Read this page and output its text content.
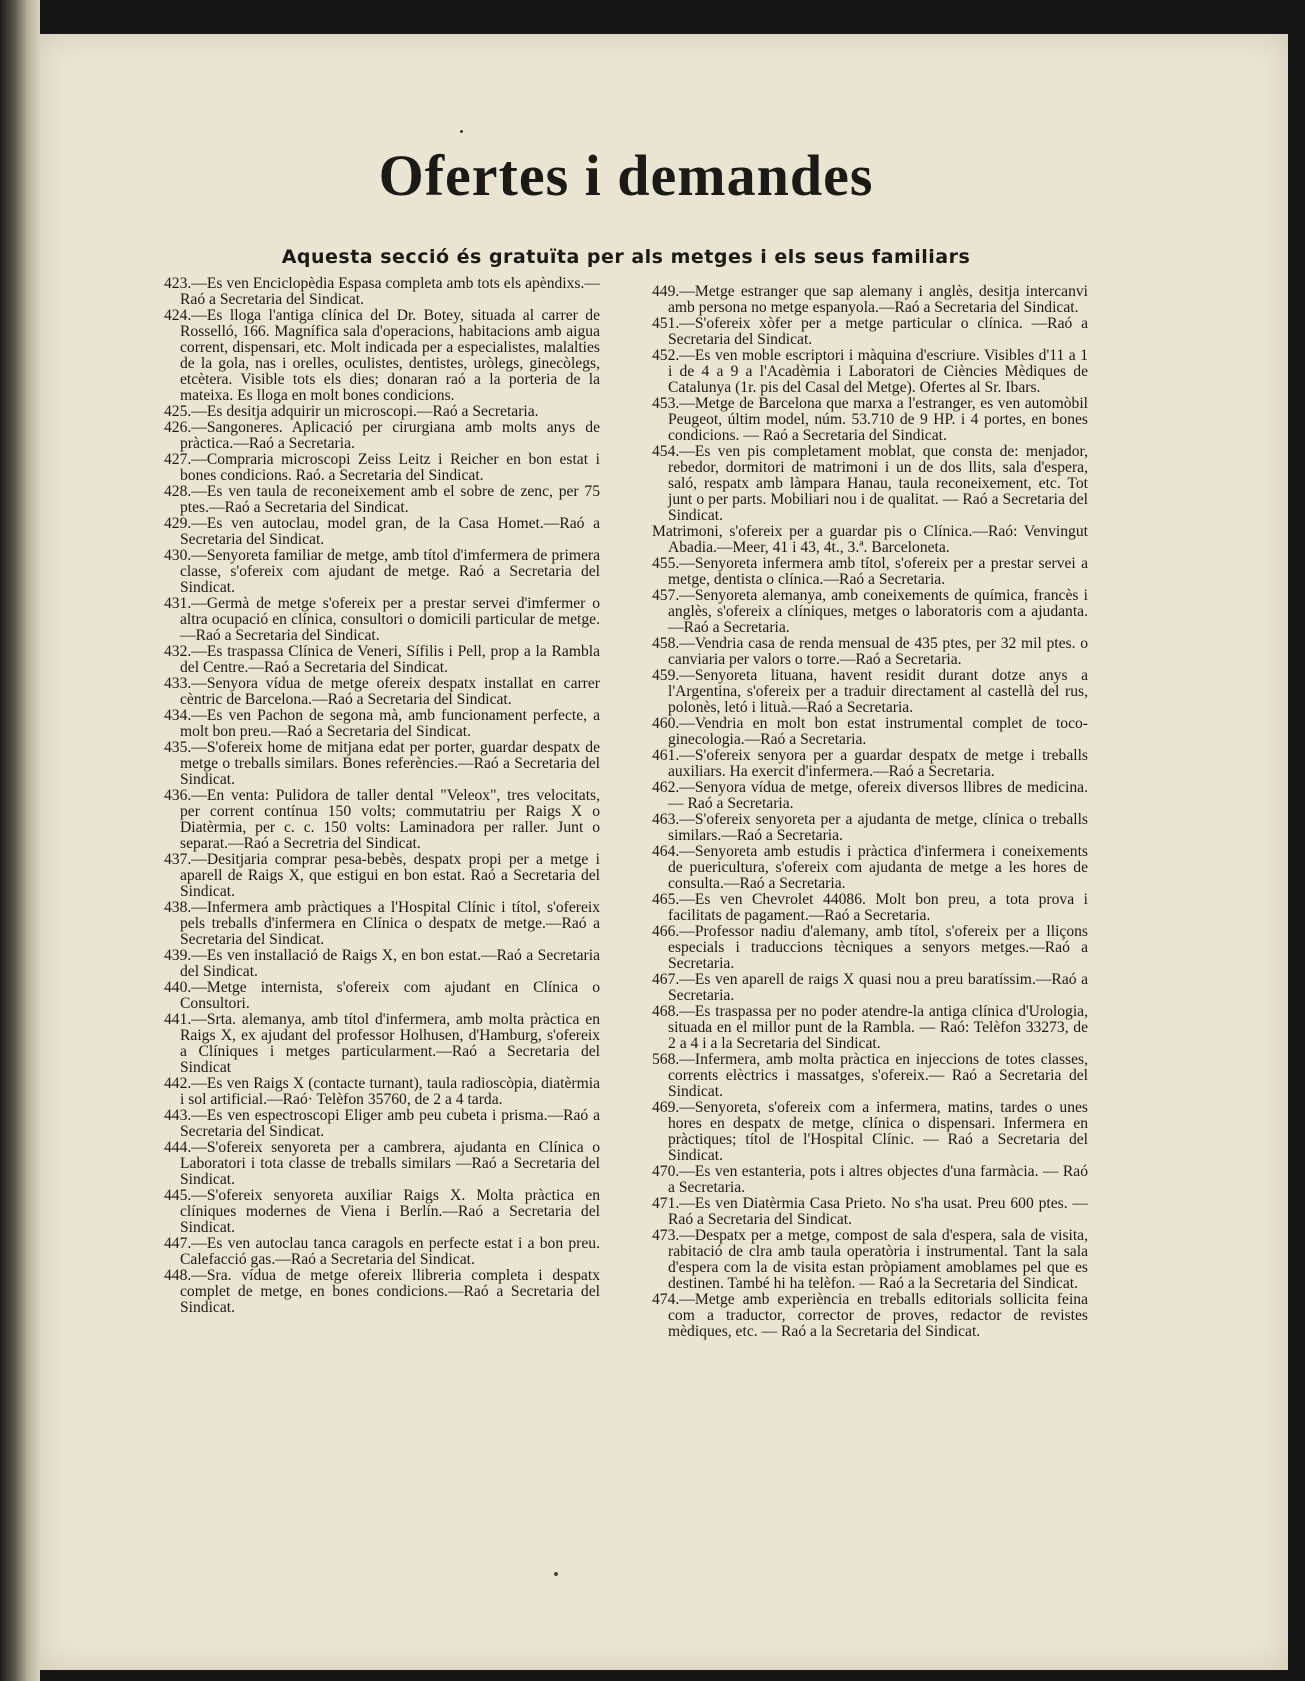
Ofertes i demandes
Aquesta secció és gratuïta per als metges i els seus familiars

423.—Es ven Enciclopèdia Espasa completa amb tots els apèndixs.—Raó a Secretaria del Sindicat.

424.—Es lloga l'antiga clínica del Dr. Botey, situada al carrer de Rosselló, 166. Magnífica sala d'operacions, habitacions amb aigua corrent, dispensari, etc. Molt indicada per a especialistes, malalties de la gola, nas i orelles, oculistes, dentistes, uròlegs, ginecòlegs, etcètera. Visible tots els dies; donaran raó a la porteria de la mateixa. Es lloga en molt bones condicions.

425.—Es desitja adquirir un microscopi.—Raó a Secretaria.

426.—Sangoneres. Aplicació per cirurgiana amb molts anys de pràctica.—Raó a Secretaria.

427.—Compraria microscopi Zeiss Leitz i Reicher en bon estat i bones condicions. Raó. a Secretaria del Sindicat.

428.—Es ven taula de reconeixement amb el sobre de zenc, per 75 ptes.—Raó a Secretaria del Sindicat.

429.—Es ven autoclau, model gran, de la Casa Homet.—Raó a Secretaria del Sindicat.

430.—Senyoreta familiar de metge, amb títol d'imfermera de primera classe, s'ofereix com ajudant de metge. Raó a Secretaria del Sindicat.

431.—Germà de metge s'ofereix per a prestar servei d'imfermer o altra ocupació en clínica, consultori o domicili particular de metge.—Raó a Secretaria del Sindicat.

432.—Es traspassa Clínica de Veneri, Sífilis i Pell, prop a la Rambla del Centre.—Raó a Secretaria del Sindicat.

433.—Senyora vídua de metge ofereix despatx installat en carrer cèntric de Barcelona.—Raó a Secretaria del Sindicat.

434.—Es ven Pachon de segona mà, amb funcionament perfecte, a molt bon preu.—Raó a Secretaria del Sindicat.

435.—S'ofereix home de mitjana edat per porter, guardar despatx de metge o treballs similars. Bones referències.—Raó a Secretaria del Sindicat.

436.—En venta: Pulidora de taller dental "Veleox", tres velocitats, per corrent contínua 150 volts; commutatriu per Raigs X o Diatèrmia, per c. c. 150 volts: Laminadora per raller. Junt o separat.—Raó a Secretria del Sindicat.

437.—Desitjaria comprar pesa-bebès, despatx propi per a metge i aparell de Raigs X, que estigui en bon estat. Raó a Secretaria del Sindicat.

438.—Infermera amb pràctiques a l'Hospital Clínic i títol, s'ofereix pels treballs d'infermera en Clínica o despatx de metge.—Raó a Secretaria del Sindicat.

439.—Es ven installació de Raigs X, en bon estat.—Raó a Secretaria del Sindicat.

440.—Metge internista, s'ofereix com ajudant en Clínica o Consultori.

441.—Srta. alemanya, amb títol d'infermera, amb molta pràctica en Raigs X, ex ajudant del professor Holhusen, d'Hamburg, s'ofereix a Clíniques i metges particularment.—Raó a Secretaria del Sindicat

442.—Es ven Raigs X (contacte turnant), taula radioscòpia, diatèrmia i sol artificial.—Raó· Telèfon 35760, de 2 a 4 tarda.

443.—Es ven espectroscopi Eliger amb peu cubeta i prisma.—Raó a Secretaria del Sindicat.

444.—S'ofereix senyoreta per a cambrera, ajudanta en Clínica o Laboratori i tota classe de treballs similars —Raó a Secretaria del Sindicat.

445.—S'ofereix senyoreta auxiliar Raigs X. Molta pràctica en clíniques modernes de Viena i Berlín.—Raó a Secretaria del Sindicat.

447.—Es ven autoclau tanca caragols en perfecte estat i a bon preu. Calefacció gas.—Raó a Secretaria del Sindicat.

448.—Sra. vídua de metge ofereix llibreria completa i despatx complet de metge, en bones condicions.—Raó a Secretaria del Sindicat.

449.—Metge estranger que sap alemany i anglès, desitja intercanvi amb persona no metge espanyola.—Raó a Secretaria del Sindicat.

451.—S'ofereix xòfer per a metge particular o clínica. —Raó a Secretaria del Sindicat.

452.—Es ven moble escriptori i màquina d'escriure. Visibles d'11 a 1 i de 4 a 9 a l'Acadèmia i Laboratori de Ciències Mèdiques de Catalunya (1r. pis del Casal del Metge). Ofertes al Sr. Ibars.

453.—Metge de Barcelona que marxa a l'estranger, es ven automòbil Peugeot, últim model, núm. 53.710 de 9 HP. i 4 portes, en bones condicions. — Raó a Secretaria del Sindicat.

454.—Es ven pis completament moblat, que consta de: menjador, rebedor, dormitori de matrimoni i un de dos llits, sala d'espera, saló, respatx amb làmpara Hanau, taula reconeixement, etc. Tot junt o per parts. Mobiliari nou i de qualitat. — Raó a Secretaria del Sindicat.

Matrimoni, s'ofereix per a guardar pis o Clínica.—Raó: Venvingut Abadia.—Meer, 41 i 43, 4t., 3.ª. Barceloneta.

455.—Senyoreta infermera amb títol, s'ofereix per a prestar servei a metge, dentista o clínica.—Raó a Secretaria.

457.—Senyoreta alemanya, amb coneixements de química, francès i anglès, s'ofereix a clíniques, metges o laboratoris com a ajudanta.—Raó a Secretaria.

458.—Vendria casa de renda mensual de 435 ptes, per 32 mil ptes. o canviaria per valors o torre.—Raó a Secretaria.

459.—Senyoreta lituana, havent residit durant dotze anys a l'Argentina, s'ofereix per a traduir directament al castellà del rus, polonès, letó i lituà.—Raó a Secretaria.

460.—Vendria en molt bon estat instrumental complet de toco-ginecologia.—Raó a Secretaria.

461.—S'ofereix senyora per a guardar despatx de metge i treballs auxiliars. Ha exercit d'infermera.—Raó a Secretaria.

462.—Senyora vídua de metge, ofereix diversos llibres de medicina. — Raó a Secretaria.

463.—S'ofereix senyoreta per a ajudanta de metge, clínica o treballs similars.—Raó a Secretaria.

464.—Senyoreta amb estudis i pràctica d'infermera i coneixements de puericultura, s'ofereix com ajudanta de metge a les hores de consulta.—Raó a Secretaria.

465.—Es ven Chevrolet 44086. Molt bon preu, a tota prova i facilitats de pagament.—Raó a Secretaria.

466.—Professor nadiu d'alemany, amb títol, s'ofereix per a lliçons especials i traduccions tècniques a senyors metges.—Raó a Secretaria.

467.—Es ven aparell de raigs X quasi nou a preu baratíssim.—Raó a Secretaria.

468.—Es traspassa per no poder atendre-la antiga clínica d'Urologia, situada en el millor punt de la Rambla. — Raó: Telèfon 33273, de 2 a 4 i a la Secretaria del Sindicat.

568.—Infermera, amb molta pràctica en injeccions de totes classes, corrents elèctrics i massatges, s'ofereix.— Raó a Secretaria del Sindicat.

469.—Senyoreta, s'ofereix com a infermera, matins, tardes o unes hores en despatx de metge, clínica o dispensari. Infermera en pràctiques; títol de l'Hospital Clínic. — Raó a Secretaria del Sindicat.

470.—Es ven estanteria, pots i altres objectes d'una farmàcia. — Raó a Secretaria.

471.—Es ven Diatèrmia Casa Prieto. No s'ha usat. Preu 600 ptes. — Raó a Secretaria del Sindicat.

473.—Despatx per a metge, compost de sala d'espera, sala de visita, rabitació de clra amb taula operatòria i instrumental. Tant la sala d'espera com la de visita estan pròpiament amoblames pel que es destinen. També hi ha telèfon. — Raó a la Secretaria del Sindicat.

474.—Metge amb experiència en treballs editorials sollicita feina com a traductor, corrector de proves, redactor de revistes mèdiques, etc. — Raó a la Secretaria del Sindicat.
